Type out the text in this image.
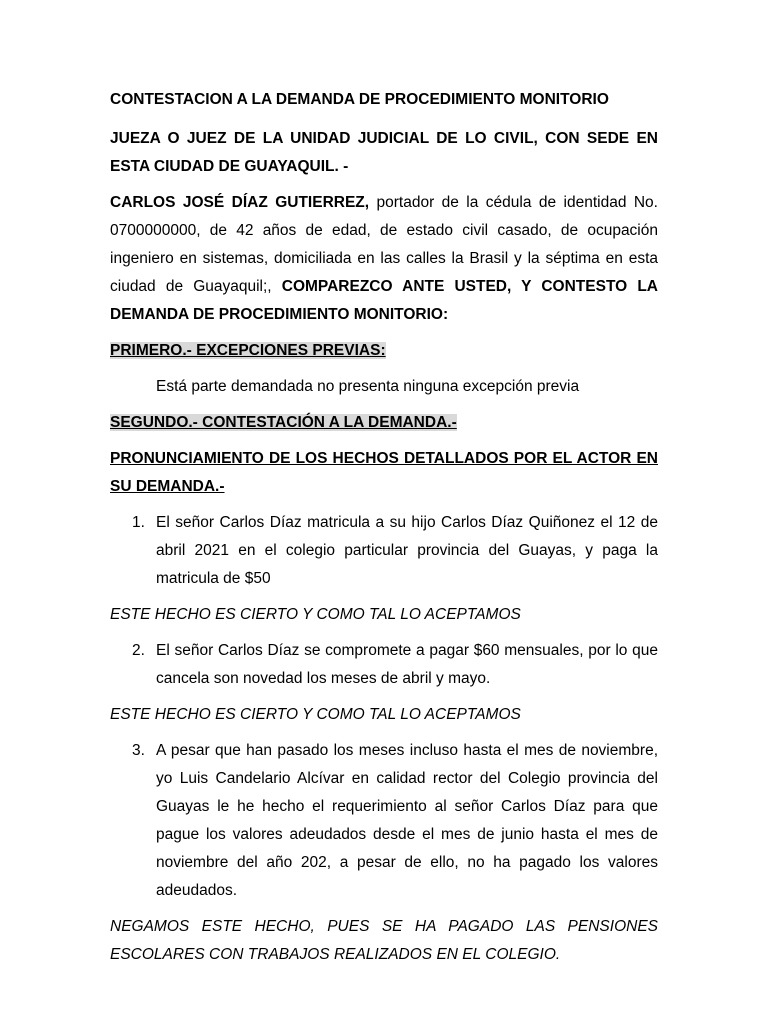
CONTESTACION A LA DEMANDA DE PROCEDIMIENTO MONITORIO

JUEZA O JUEZ DE LA UNIDAD JUDICIAL DE LO CIVIL, CON SEDE EN ESTA CIUDAD DE GUAYAQUIL. -

CARLOS JOSÉ DÍAZ GUTIERREZ, portador de la cédula de identidad No. 0700000000, de 42 años de edad, de estado civil casado, de ocupación ingeniero en sistemas, domiciliada en las calles la Brasil y la séptima en esta ciudad de Guayaquil;, COMPAREZCO ANTE USTED, Y CONTESTO LA DEMANDA DE PROCEDIMIENTO MONITORIO:

PRIMERO.- EXCEPCIONES PREVIAS:

Está parte demandada no presenta ninguna excepción previa

SEGUNDO.- CONTESTACIÓN A LA DEMANDA.-

PRONUNCIAMIENTO DE LOS HECHOS DETALLADOS POR EL ACTOR EN SU DEMANDA.-

1. El señor Carlos Díaz matricula a su hijo Carlos Díaz Quiñonez el 12 de abril 2021 en el colegio particular provincia del Guayas, y paga la matricula de $50

ESTE HECHO ES CIERTO Y COMO TAL LO ACEPTAMOS

2. El señor Carlos Díaz se compromete a pagar $60 mensuales, por lo que cancela son novedad los meses de abril y mayo.

ESTE HECHO ES CIERTO Y COMO TAL LO ACEPTAMOS

3. A pesar que han pasado los meses incluso hasta el mes de noviembre, yo Luis Candelario Alcívar en calidad rector del Colegio provincia del Guayas le he hecho el requerimiento al señor Carlos Díaz para que pague los valores adeudados desde el mes de junio hasta el mes de noviembre del año 202, a pesar de ello, no ha pagado los valores adeudados.

NEGAMOS ESTE HECHO, PUES SE HA PAGADO LAS PENSIONES ESCOLARES CON TRABAJOS REALIZADOS EN EL COLEGIO.
